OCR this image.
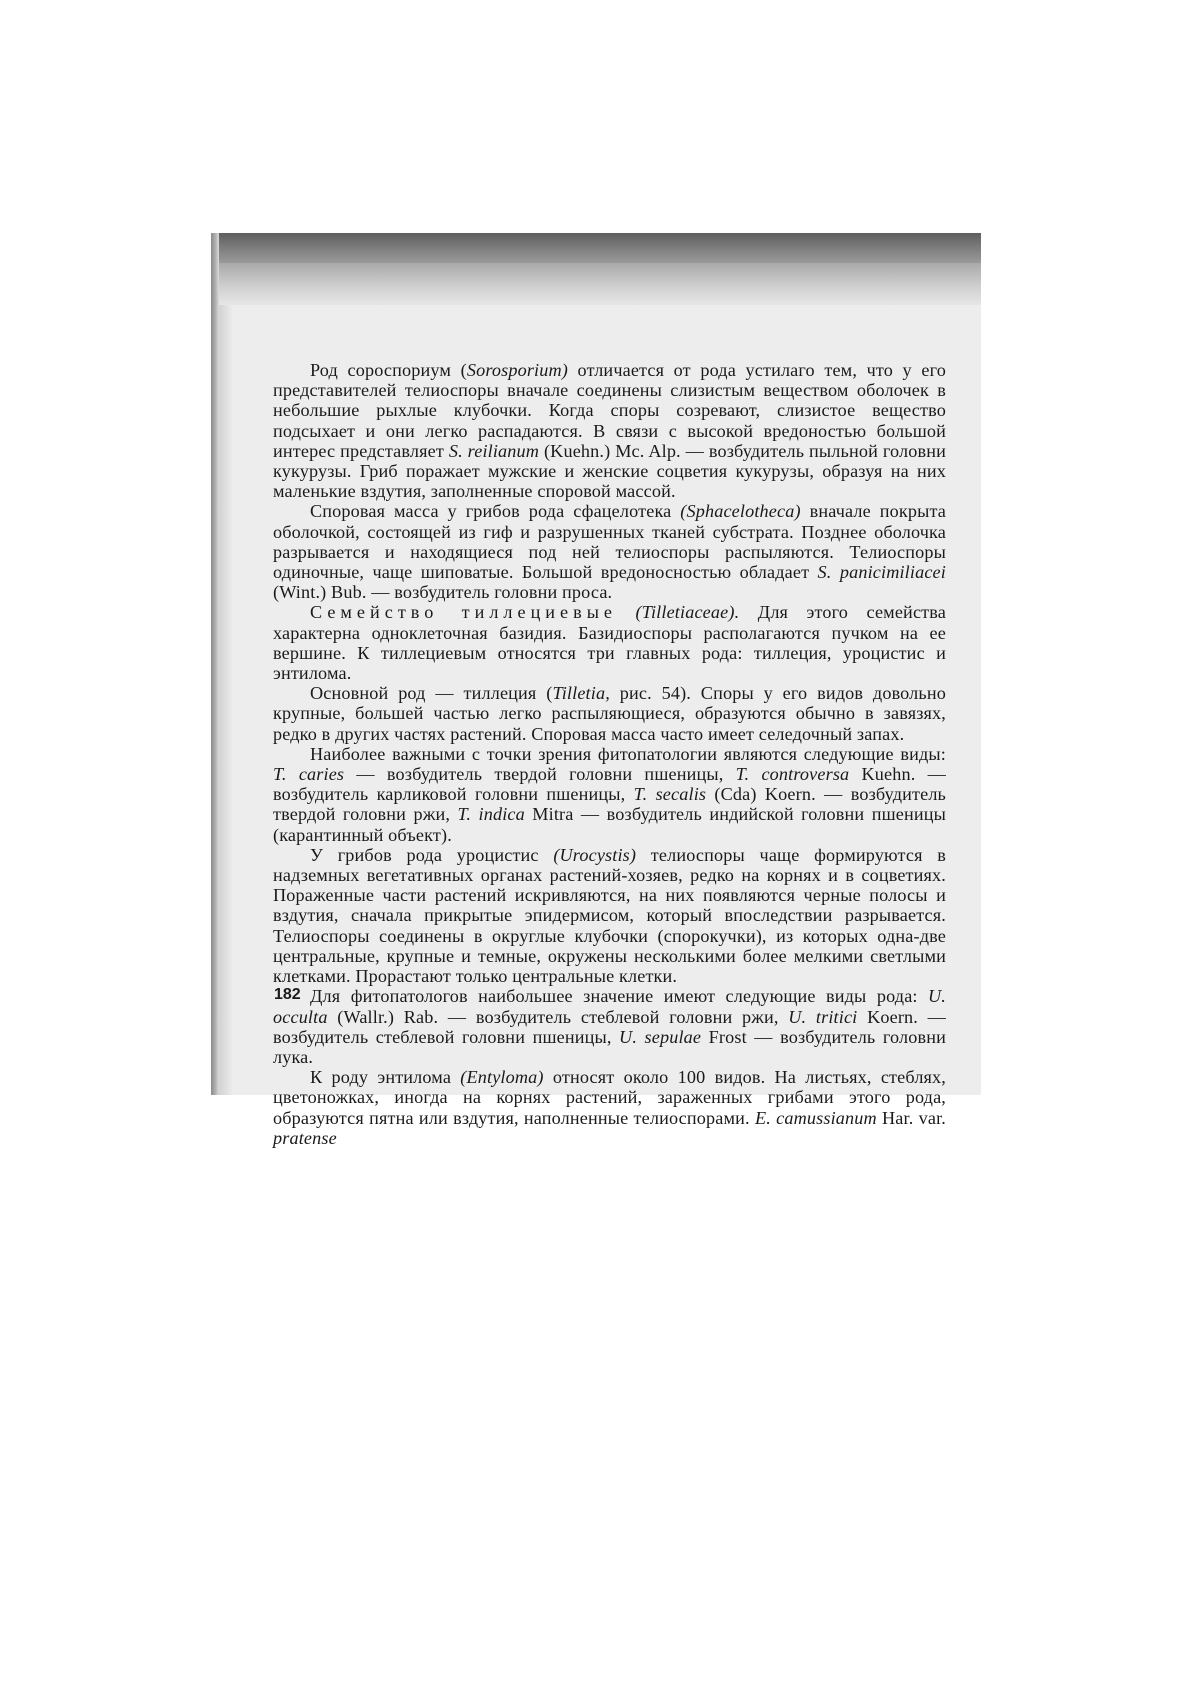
Род сороспориум (Sorosporium) отличается от рода устилаго тем, что у его представителей телиоспоры вначале соединены слизистым веществом оболочек в небольшие рыхлые клубочки. Когда споры созревают, слизистое вещество подсыхает и они легко распадаются. В связи с высокой вредоностью большой интерес представляет S. reilianum (Kuehn.) Mc. Alp. — возбудитель пыльной головни кукурузы. Гриб поражает мужские и женские соцветия кукурузы, образуя на них маленькие вздутия, заполненные споровой массой.

Споровая масса у грибов рода сфацелотека (Sphacelotheca) вначале покрыта оболочкой, состоящей из гиф и разрушенных тканей субстрата. Позднее оболочка разрывается и находящиеся под ней телиоспоры распыляются. Телиоспоры одиночные, чаще шиповатые. Большой вредоносностью обладает S. panicimiliacei (Wint.) Bub. — возбудитель головни проса.

Семейство тиллециевые (Tilletiaceae). Для этого семейства характерна одноклеточная базидия. Базидиоспоры располагаются пучком на ее вершине. К тиллециевым относятся три главных рода: тиллеция, уроцистис и энтилома.

Основной род — тиллеция (Tilletia, рис. 54). Споры у его видов довольно крупные, большей частью легко распыляющиеся, образуются обычно в завязях, редко в других частях растений. Споровая масса часто имеет селедочный запах.

Наиболее важными с точки зрения фитопатологии являются следующие виды: T. caries — возбудитель твердой головни пшеницы, T. controversa Kuehn. — возбудитель карликовой головни пшеницы, T. secalis (Cda) Koern. — возбудитель твердой головни ржи, T. indica Mitra — возбудитель индийской головни пшеницы (карантинный объект).

У грибов рода уроцистис (Urocystis) телиоспоры чаще формируются в надземных вегетативных органах растений-хозяев, редко на корнях и в соцветиях. Пораженные части растений искривляются, на них появляются черные полосы и вздутия, сначала прикрытые эпидермисом, который впоследствии разрывается. Телиоспоры соединены в округлые клубочки (спорокучки), из которых одна-две центральные, крупные и темные, окружены несколькими более мелкими светлыми клетками. Прорастают только центральные клетки.

Для фитопатологов наибольшее значение имеют следующие виды рода: U. occulta (Wallr.) Rab. — возбудитель стеблевой головни ржи, U. tritici Koern. — возбудитель стеблевой головни пшеницы, U. sepulae Frost — возбудитель головни лука.

К роду энтилома (Entyloma) относят около 100 видов. На листьях, стеблях, цветоножках, иногда на корнях растений, зараженных грибами этого рода, образуются пятна или вздутия, наполненные телиоспорами. E. camussianum Har. var. pratense

182
